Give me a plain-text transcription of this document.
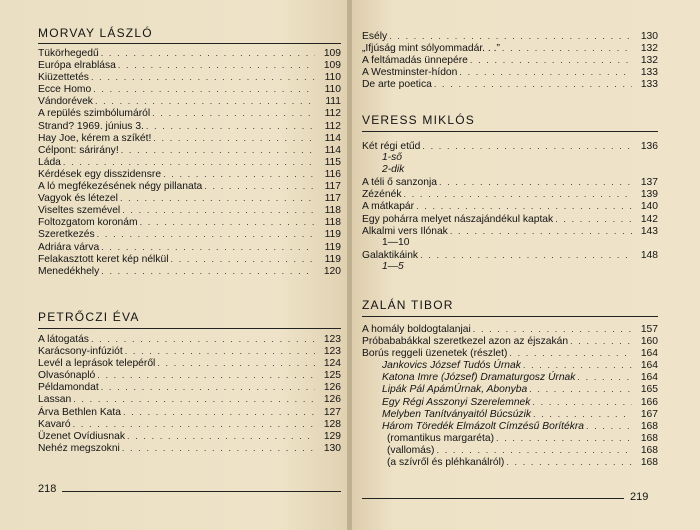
MORVAY LÁSZLÓ
Tükörhegedű . . .	109
Európa elrablása . . .	109
Kiüzettetés . . .	110
Ecce Homo . . .	110
Vándorévek . . .	111
A repülés szimbólumáról . . .	112
Strand? 1969. június 3. . . .	112
Hay Joe, kérem a szíkét! . . .	114
Célpont: sárirány! . . .	114
Láda . . .	115
Kérdések egy disszidensre . . .	116
A ló megfékezésének négy pillanata . . .	117
Vagyok és létezel . . .	117
Viseltes szemével . . .	118
Foltozgatom koronám . . .	118
Szeretkezés . . .	119
Adriára várva . . .	119
Felakasztott keret kép nélkül . . .	119
Menedékhely . . .	120
PETRŐCZI ÉVA
A látogatás . . .	123
Karácsony-infúziót . . .	123
Levél a leprások telepéről . . .	124
Olvasónapló . . .	125
Példamondat . . .	126
Lassan . . .	126
Árva Bethlen Kata . . .	127
Kavaró . . .	128
Üzenet Ovídiusnak . . .	129
Nehéz megszokni . . .	130
218
Esély . . .	130
„Ifjúság mint sólyommadár. . .” . . .	132
A feltámadás ünnepére . . .	132
A Westminster-hídon . . .	133
De arte poetica . . .	133
VERESS MIKLÓS
Két régi etűd . . .	136
1-ső
2-dik
A téli ő sanzonja . . .	137
Zézénék . . .	139
A mátkapár . . .	140
Egy pohárra melyet nászajándékul kaptak . . .	142
Alkalmi vers Ilónak . . .	143
1—10
Galaktikáink . . .	148
1—5
ZALÁN TIBOR
A homály boldogtalanjai . . .	157
Próbababákkal szeretkezel azon az éjszakán . . .	160
Borús reggeli üzenetek (részlet) . . .	164
Jankovics József Tudós Úrnak . . .	164
Katona Imre (József) Dramaturgosz Úrnak . . .	164
Lipák Pál ApámÚrnak, Abonyba . . .	165
Egy Régi Asszonyi Szerelemnek . . .	166
Melyben Tanítványaitól Búcsúzik . . .	167
Három Töredék Elmázolt Címzésű Borítékra . . .	168
(romantikus margaréta) . . .	168
(vallomás) . . .	168
(a szívről és pléhkanálról) . . .	168
219
